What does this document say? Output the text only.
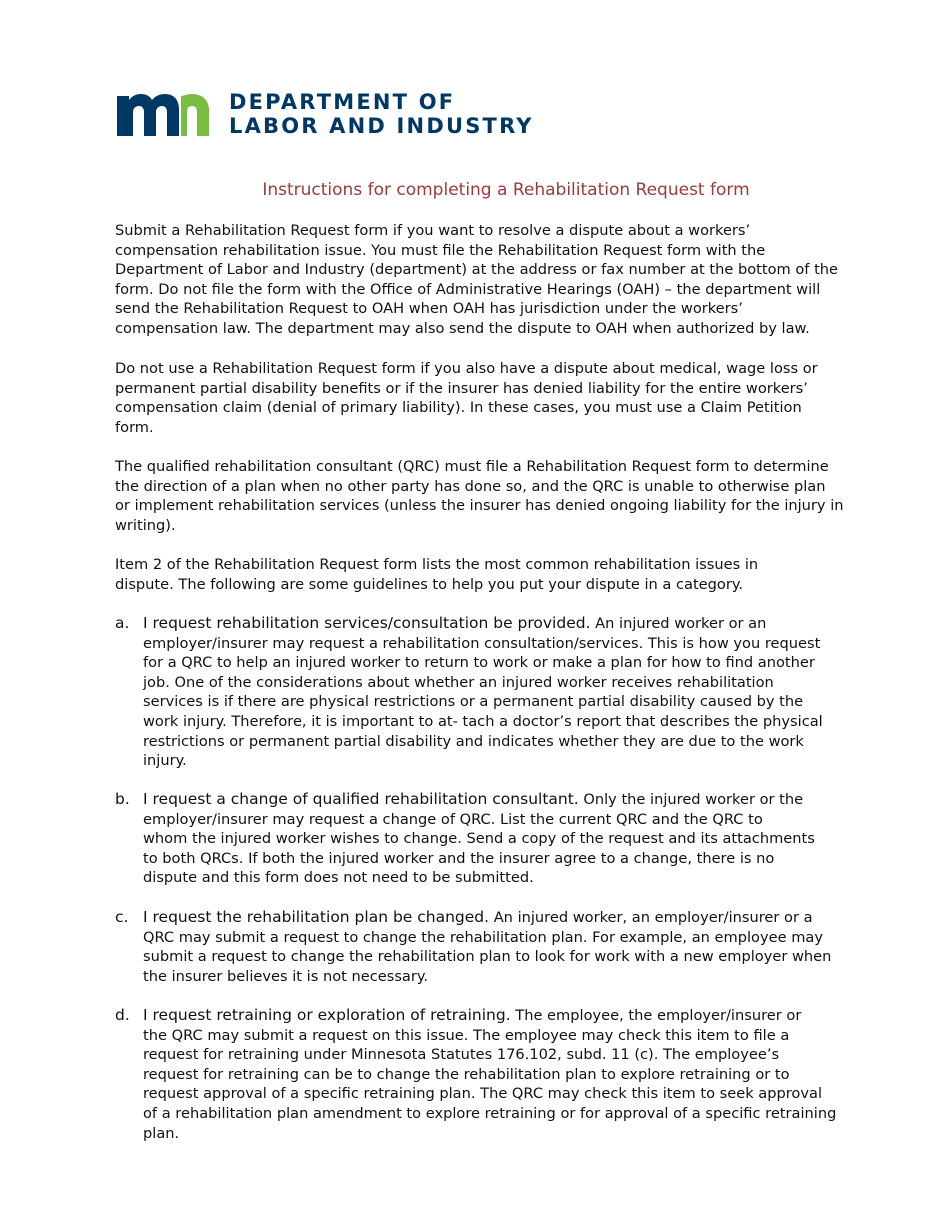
DEPARTMENT OF
LABOR AND INDUSTRY
Instructions for completing a Rehabilitation Request form
Submit a Rehabilitation Request form if you want to resolve a dispute about a workers’
compensation rehabilitation issue. You must file the Rehabilitation Request form with the
Department of Labor and Industry (department) at the address or fax number at the bottom of the
form. Do not file the form with the Office of Administrative Hearings (OAH) – the department will
send the Rehabilitation Request to OAH when OAH has jurisdiction under the workers’
compensation law. The department may also send the dispute to OAH when authorized by law.
Do not use a Rehabilitation Request form if you also have a dispute about medical, wage loss or
permanent partial disability benefits or if the insurer has denied liability for the entire workers’
compensation claim (denial of primary liability). In these cases, you must use a Claim Petition
form.
The qualified rehabilitation consultant (QRC) must file a Rehabilitation Request form to determine
the direction of a plan when no other party has done so, and the QRC is unable to otherwise plan
or implement rehabilitation services (unless the insurer has denied ongoing liability for the injury in
writing).
Item 2 of the Rehabilitation Request form lists the most common rehabilitation issues in
dispute. The following are some guidelines to help you put your dispute in a category.
a. I request rehabilitation services/consultation be provided. An injured worker or an
employer/insurer may request a rehabilitation consultation/services. This is how you request
for a QRC to help an injured worker to return to work or make a plan for how to find another
job. One of the considerations about whether an injured worker receives rehabilitation
services is if there are physical restrictions or a permanent partial disability caused by the
work injury. Therefore, it is important to at- tach a doctor’s report that describes the physical
restrictions or permanent partial disability and indicates whether they are due to the work
injury.
b. I request a change of qualified rehabilitation consultant. Only the injured worker or the
employer/insurer may request a change of QRC. List the current QRC and the QRC to
whom the injured worker wishes to change. Send a copy of the request and its attachments
to both QRCs. If both the injured worker and the insurer agree to a change, there is no
dispute and this form does not need to be submitted.
c. I request the rehabilitation plan be changed. An injured worker, an employer/insurer or a
QRC may submit a request to change the rehabilitation plan. For example, an employee may
submit a request to change the rehabilitation plan to look for work with a new employer when
the insurer believes it is not necessary.
d. I request retraining or exploration of retraining. The employee, the employer/insurer or
the QRC may submit a request on this issue. The employee may check this item to file a
request for retraining under Minnesota Statutes 176.102, subd. 11 (c). The employee’s
request for retraining can be to change the rehabilitation plan to explore retraining or to
request approval of a specific retraining plan. The QRC may check this item to seek approval
of a rehabilitation plan amendment to explore retraining or for approval of a specific retraining
plan.
